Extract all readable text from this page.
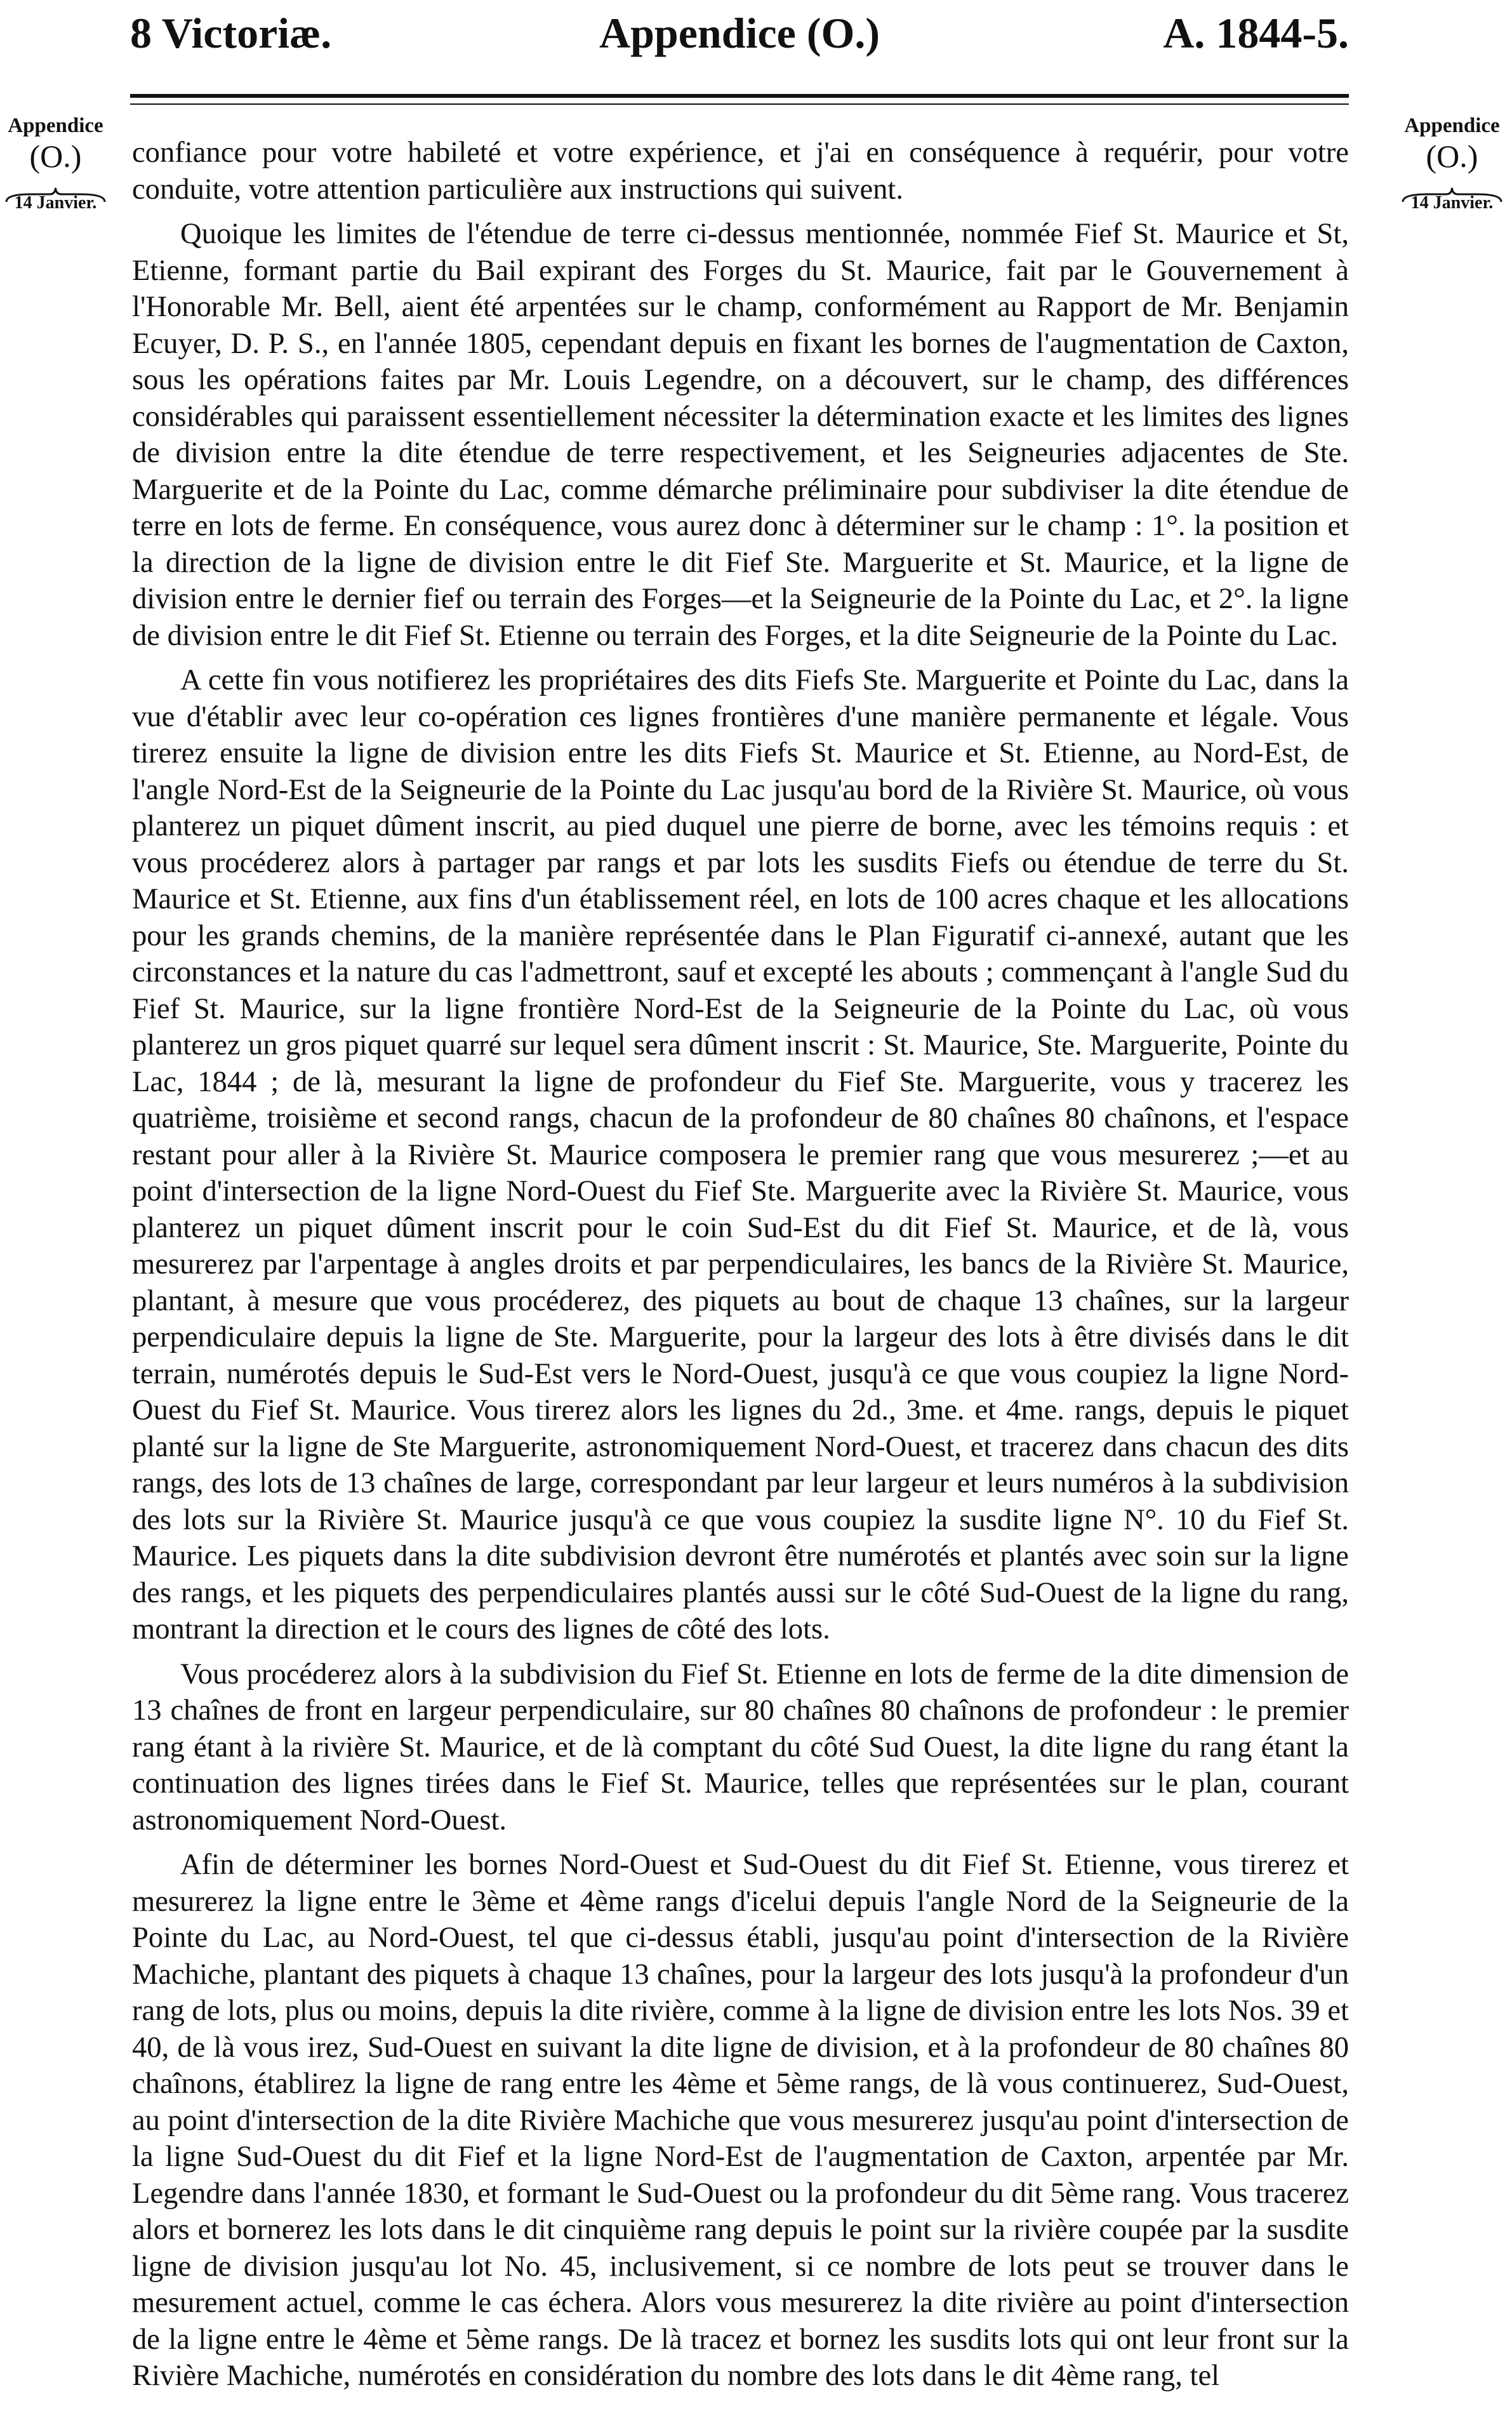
8 Victoriæ.	Appendice (O.)	A. 1844-5.
Appendice
(O.)
14 Janvier.
Appendice
(O.)
14 Janvier.

confiance pour votre habileté et votre expérience, et j'ai en conséquence à requérir, pour votre conduite, votre attention particulière aux instructions qui suivent.

Quoique les limites de l'étendue de terre ci-dessus mentionnée, nommée Fief St. Maurice et St, Etienne, formant partie du Bail expirant des Forges du St. Maurice, fait par le Gouvernement à l'Honorable Mr. Bell, aient été arpentées sur le champ, conformément au Rapport de Mr. Benjamin Ecuyer, D. P. S., en l'année 1805, cependant depuis en fixant les bornes de l'augmentation de Caxton, sous les opérations faites par Mr. Louis Legendre, on a découvert, sur le champ, des différences considérables qui paraissent essentiellement nécessiter la détermination exacte et les limites des lignes de division entre la dite étendue de terre respectivement, et les Seigneuries adjacentes de Ste. Marguerite et de la Pointe du Lac, comme démarche préliminaire pour subdiviser la dite étendue de terre en lots de ferme. En conséquence, vous aurez donc à déterminer sur le champ : 1°. la position et la direction de la ligne de division entre le dit Fief Ste. Marguerite et St. Maurice, et la ligne de division entre le dernier fief ou terrain des Forges—et la Seigneurie de la Pointe du Lac, et 2°. la ligne de division entre le dit Fief St. Etienne ou terrain des Forges, et la dite Seigneurie de la Pointe du Lac.

A cette fin vous notifierez les propriétaires des dits Fiefs Ste. Marguerite et Pointe du Lac, dans la vue d'établir avec leur co-opération ces lignes frontières d'une manière permanente et légale. Vous tirerez ensuite la ligne de division entre les dits Fiefs St. Maurice et St. Etienne, au Nord-Est, de l'angle Nord-Est de la Seigneurie de la Pointe du Lac jusqu'au bord de la Rivière St. Maurice, où vous planterez un piquet dûment inscrit, au pied duquel une pierre de borne, avec les témoins requis : et vous procéderez alors à partager par rangs et par lots les susdits Fiefs ou étendue de terre du St. Maurice et St. Etienne, aux fins d'un établissement réel, en lots de 100 acres chaque et les allocations pour les grands chemins, de la manière représentée dans le Plan Figuratif ci-annexé, autant que les circonstances et la nature du cas l'admettront, sauf et excepté les abouts ; commençant à l'angle Sud du Fief St. Maurice, sur la ligne frontière Nord-Est de la Seigneurie de la Pointe du Lac, où vous planterez un gros piquet quarré sur lequel sera dûment inscrit : St. Maurice, Ste. Marguerite, Pointe du Lac, 1844 ; de là, mesurant la ligne de profondeur du Fief Ste. Marguerite, vous y tracerez les quatrième, troisième et second rangs, chacun de la profondeur de 80 chaînes 80 chaînons, et l'espace restant pour aller à la Rivière St. Maurice composera le premier rang que vous mesurerez ;—et au point d'intersection de la ligne Nord-Ouest du Fief Ste. Marguerite avec la Rivière St. Maurice, vous planterez un piquet dûment inscrit pour le coin Sud-Est du dit Fief St. Maurice, et de là, vous mesurerez par l'arpentage à angles droits et par perpendiculaires, les bancs de la Rivière St. Maurice, plantant, à mesure que vous procéderez, des piquets au bout de chaque 13 chaînes, sur la largeur perpendiculaire depuis la ligne de Ste. Marguerite, pour la largeur des lots à être divisés dans le dit terrain, numérotés depuis le Sud-Est vers le Nord-Ouest, jusqu'à ce que vous coupiez la ligne Nord-Ouest du Fief St. Maurice. Vous tirerez alors les lignes du 2d., 3me. et 4me. rangs, depuis le piquet planté sur la ligne de Ste Marguerite, astronomiquement Nord-Ouest, et tracerez dans chacun des dits rangs, des lots de 13 chaînes de large, correspondant par leur largeur et leurs numéros à la subdivision des lots sur la Rivière St. Maurice jusqu'à ce que vous coupiez la susdite ligne N°. 10 du Fief St. Maurice. Les piquets dans la dite subdivision devront être numérotés et plantés avec soin sur la ligne des rangs, et les piquets des perpendiculaires plantés aussi sur le côté Sud-Ouest de la ligne du rang, montrant la direction et le cours des lignes de côté des lots.

Vous procéderez alors à la subdivision du Fief St. Etienne en lots de ferme de la dite dimension de 13 chaînes de front en largeur perpendiculaire, sur 80 chaînes 80 chaînons de profondeur : le premier rang étant à la rivière St. Maurice, et de là comptant du côté Sud Ouest, la dite ligne du rang étant la continuation des lignes tirées dans le Fief St. Maurice, telles que représentées sur le plan, courant astronomiquement Nord-Ouest.

Afin de déterminer les bornes Nord-Ouest et Sud-Ouest du dit Fief St. Etienne, vous tirerez et mesurerez la ligne entre le 3ème et 4ème rangs d'icelui depuis l'angle Nord de la Seigneurie de la Pointe du Lac, au Nord-Ouest, tel que ci-dessus établi, jusqu'au point d'intersection de la Rivière Machiche, plantant des piquets à chaque 13 chaînes, pour la largeur des lots jusqu'à la profondeur d'un rang de lots, plus ou moins, depuis la dite rivière, comme à la ligne de division entre les lots Nos. 39 et 40, de là vous irez, Sud-Ouest en suivant la dite ligne de division, et à la profondeur de 80 chaînes 80 chaînons, établirez la ligne de rang entre les 4ème et 5ème rangs, de là vous continuerez, Sud-Ouest, au point d'intersection de la dite Rivière Machiche que vous mesurerez jusqu'au point d'intersection de la ligne Sud-Ouest du dit Fief et la ligne Nord-Est de l'augmentation de Caxton, arpentée par Mr. Legendre dans l'année 1830, et formant le Sud-Ouest ou la profondeur du dit 5ème rang. Vous tracerez alors et bornerez les lots dans le dit cinquième rang depuis le point sur la rivière coupée par la susdite ligne de division jusqu'au lot No. 45, inclusivement, si ce nombre de lots peut se trouver dans le mesurement actuel, comme le cas échera. Alors vous mesurerez la dite rivière au point d'intersection de la ligne entre le 4ème et 5ème rangs. De là tracez et bornez les susdits lots qui ont leur front sur la Rivière Machiche, numérotés en considération du nombre des lots dans le dit 4ème rang, tel
